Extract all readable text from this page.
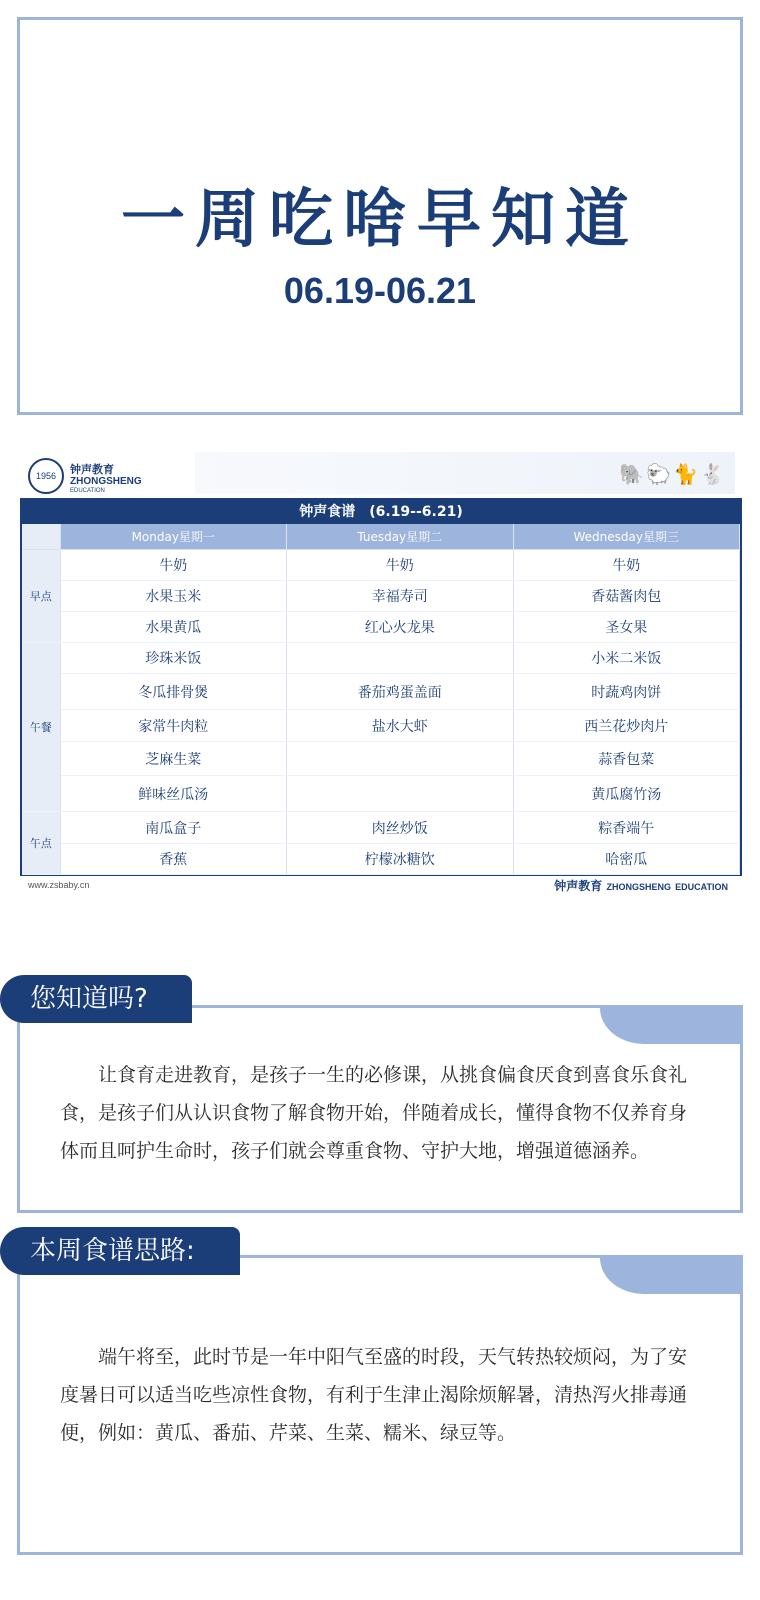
一周吃啥早知道
06.19-06.21
1956	钟声教育
ZHONGSHENG
EDUCATION
🐘🐑🐈🐇
钟声食谱　(6.19--6.21)
	Monday星期一	Tuesday星期二	Wednesday星期三
早点	牛奶	牛奶	牛奶
	水果玉米	幸福寿司	香菇酱肉包
	水果黄瓜	红心火龙果	圣女果
午餐	珍珠米饭		小米二米饭
	冬瓜排骨煲	番茄鸡蛋盖面	时蔬鸡肉饼
	家常牛肉粒	盐水大虾	西兰花炒肉片
	芝麻生菜		蒜香包菜
	鲜味丝瓜汤		黄瓜腐竹汤
午点	南瓜盒子	肉丝炒饭	粽香端午
	香蕉	柠檬冰糖饮	哈密瓜
www.zsbaby.cn	钟声教育 ZHONGSHENG EDUCATION
让食育走进教育，是孩子一生的必修课，从挑食偏食厌食到喜食乐食礼食，是孩子们从认识食物了解食物开始，伴随着成长，懂得食物不仅养育身体而且呵护生命时，孩子们就会尊重食物、守护大地，增强道德涵养。
您知道吗?
端午将至，此时节是一年中阳气至盛的时段，天气转热较烦闷，为了安度暑日可以适当吃些凉性食物，有利于生津止渴除烦解暑，清热泻火排毒通便，例如：黄瓜、番茄、芹菜、生菜、糯米、绿豆等。
本周食谱思路:
